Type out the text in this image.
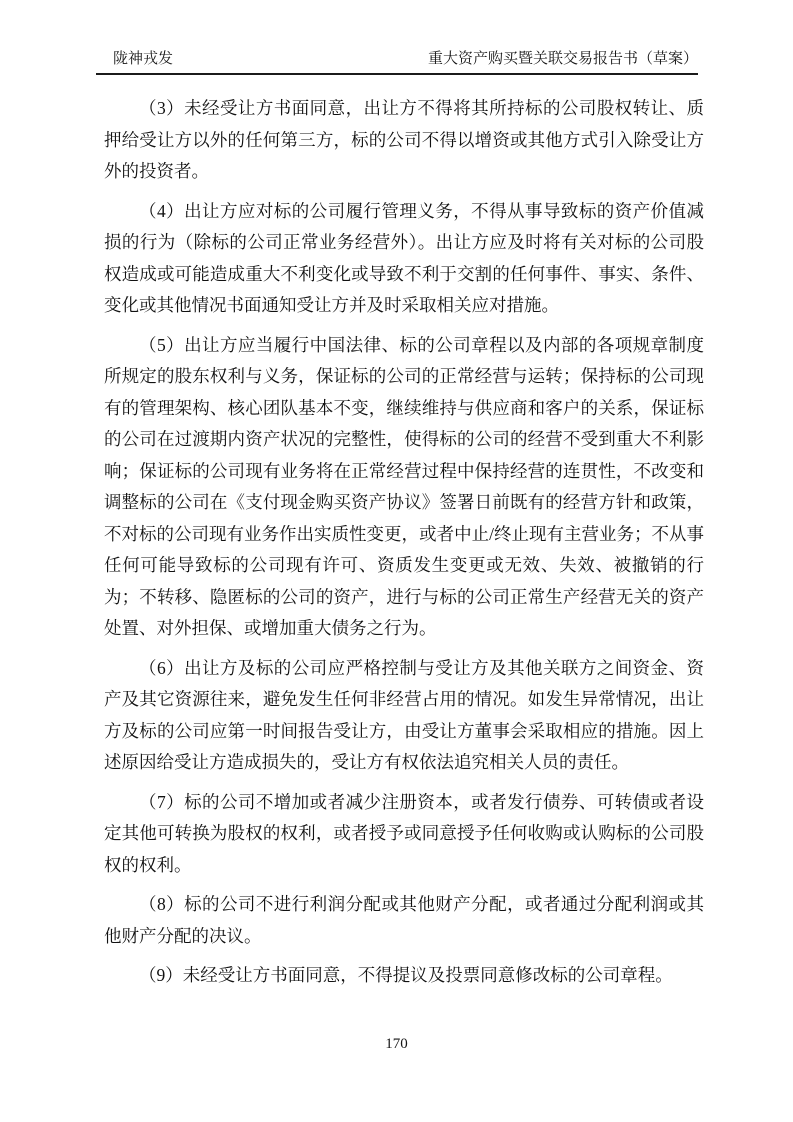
陇神戎发	重大资产购买暨关联交易报告书（草案）

（3）未经受让方书面同意，出让方不得将其所持标的公司股权转让、质押给受让方以外的任何第三方，标的公司不得以增资或其他方式引入除受让方外的投资者。

（4）出让方应对标的公司履行管理义务，不得从事导致标的资产价值减损的行为（除标的公司正常业务经营外）。出让方应及时将有关对标的公司股权造成或可能造成重大不利变化或导致不利于交割的任何事件、事实、条件、变化或其他情况书面通知受让方并及时采取相关应对措施。

（5）出让方应当履行中国法律、标的公司章程以及内部的各项规章制度所规定的股东权利与义务，保证标的公司的正常经营与运转；保持标的公司现有的管理架构、核心团队基本不变，继续维持与供应商和客户的关系，保证标的公司在过渡期内资产状况的完整性，使得标的公司的经营不受到重大不利影响；保证标的公司现有业务将在正常经营过程中保持经营的连贯性，不改变和调整标的公司在《支付现金购买资产协议》签署日前既有的经营方针和政策，不对标的公司现有业务作出实质性变更，或者中止/终止现有主营业务；不从事任何可能导致标的公司现有许可、资质发生变更或无效、失效、被撤销的行为；不转移、隐匿标的公司的资产，进行与标的公司正常生产经营无关的资产处置、对外担保、或增加重大债务之行为。

（6）出让方及标的公司应严格控制与受让方及其他关联方之间资金、资产及其它资源往来，避免发生任何非经营占用的情况。如发生异常情况，出让方及标的公司应第一时间报告受让方，由受让方董事会采取相应的措施。因上述原因给受让方造成损失的，受让方有权依法追究相关人员的责任。

（7）标的公司不增加或者减少注册资本，或者发行债券、可转债或者设定其他可转换为股权的权利，或者授予或同意授予任何收购或认购标的公司股权的权利。

（8）标的公司不进行利润分配或其他财产分配，或者通过分配利润或其他财产分配的决议。

（9）未经受让方书面同意，不得提议及投票同意修改标的公司章程。

170
